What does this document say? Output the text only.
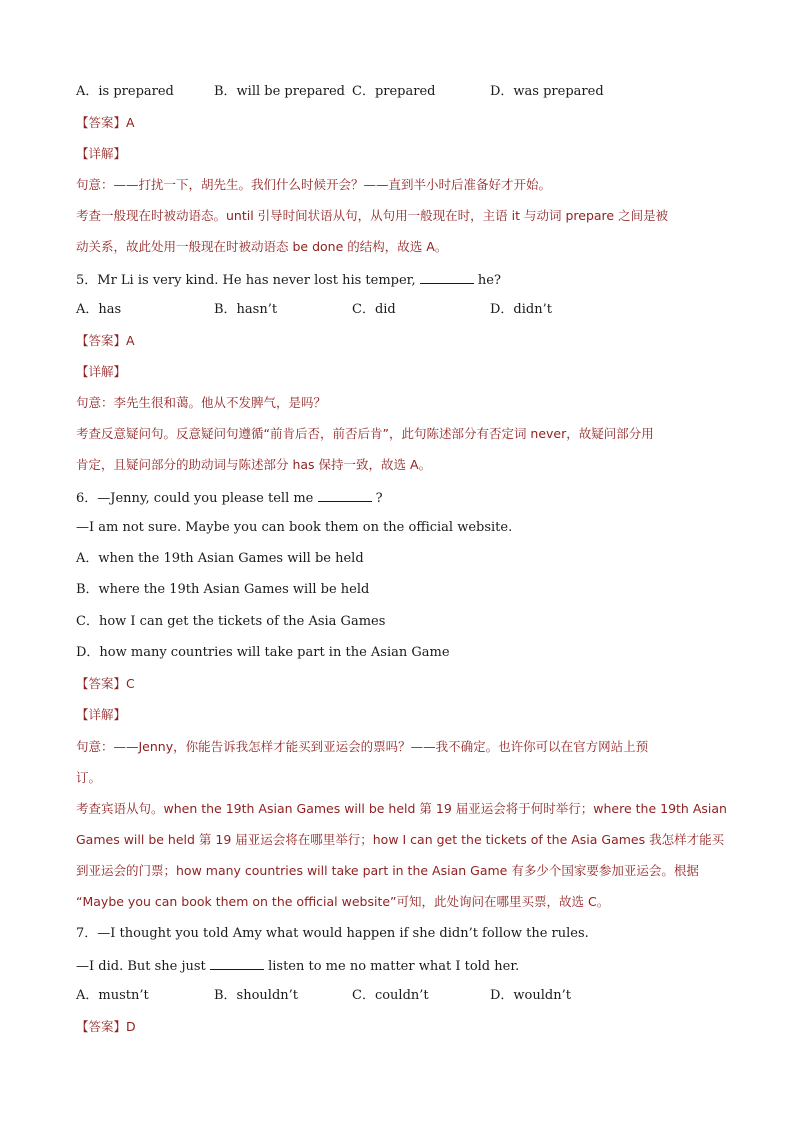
A．is prepared	B．will be prepared C．prepared	D．was prepared
【答案】A
【详解】
句意：——打扰一下，胡先生。我们什么时候开会？——直到半小时后准备好才开始。
考查一般现在时被动语态。until 引导时间状语从句，从句用一般现在时，主语 it 与动词 prepare 之间是被
动关系，故此处用一般现在时被动语态 be done 的结构，故选 A。
5．Mr Li is very kind. He has never lost his temper,	he?
A．has	B．hasn’t	C．did	D．didn’t
【答案】A
【详解】
句意：李先生很和蔼。他从不发脾气，是吗？
考查反意疑问句。反意疑问句遵循“前肯后否，前否后肯”，此句陈述部分有否定词 never，故疑问部分用
肯定，且疑问部分的助动词与陈述部分 has 保持一致，故选 A。
6．—Jenny, could you please tell me	?
—I am not sure. Maybe you can book them on the official website.
A．when the 19th Asian Games will be held
B．where the 19th Asian Games will be held
C．how I can get the tickets of the Asia Games
D．how many countries will take part in the Asian Game
【答案】C
【详解】
句意：——Jenny，你能告诉我怎样才能买到亚运会的票吗？——我不确定。也许你可以在官方网站上预
订。
考查宾语从句。when the 19th Asian Games will be held 第 19 届亚运会将于何时举行；where the 19th Asian
Games will be held 第 19 届亚运会将在哪里举行；how I can get the tickets of the Asia Games 我怎样才能买
到亚运会的门票；how many countries will take part in the Asian Game 有多少个国家要参加亚运会。根据
“Maybe you can book them on the official website”可知，此处询问在哪里买票，故选 C。
7．—I thought you told Amy what would happen if she didn’t follow the rules.
—I did. But she just	listen to me no matter what I told her.
A．mustn’t	B．shouldn’t	C．couldn’t	D．wouldn’t
【答案】D
